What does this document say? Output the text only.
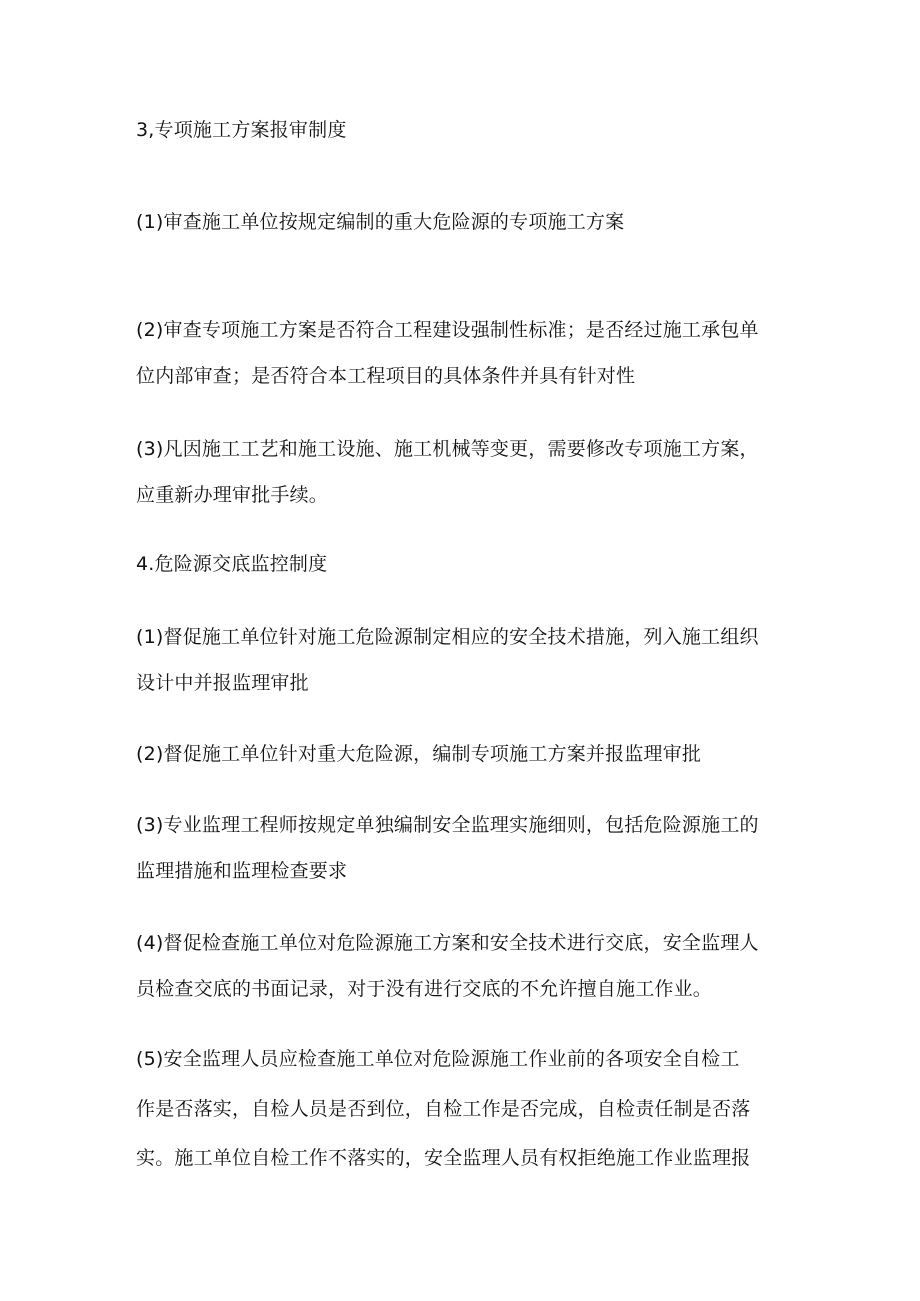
3,专项施工方案报审制度
(1)审查施工单位按规定编制的重大危险源的专项施工方案
(2)审查专项施工方案是否符合工程建设强制性标准；是否经过施工承包单
位内部审查；是否符合本工程项目的具体条件并具有针对性
(3)凡因施工工艺和施工设施、施工机械等变更，需要修改专项施工方案，
应重新办理审批手续。
4.危险源交底监控制度
(1)督促施工单位针对施工危险源制定相应的安全技术措施，列入施工组织
设计中并报监理审批
(2)督促施工单位针对重大危险源，编制专项施工方案并报监理审批
(3)专业监理工程师按规定单独编制安全监理实施细则，包括危险源施工的
监理措施和监理检查要求
(4)督促检查施工单位对危险源施工方案和安全技术进行交底，安全监理人
员检查交底的书面记录，对于没有进行交底的不允许擅自施工作业。
(5)安全监理人员应检查施工单位对危险源施工作业前的各项安全自检工
作是否落实，自检人员是否到位，自检工作是否完成，自检责任制是否落
实。施工单位自检工作不落实的，安全监理人员有权拒绝施工作业监理报
